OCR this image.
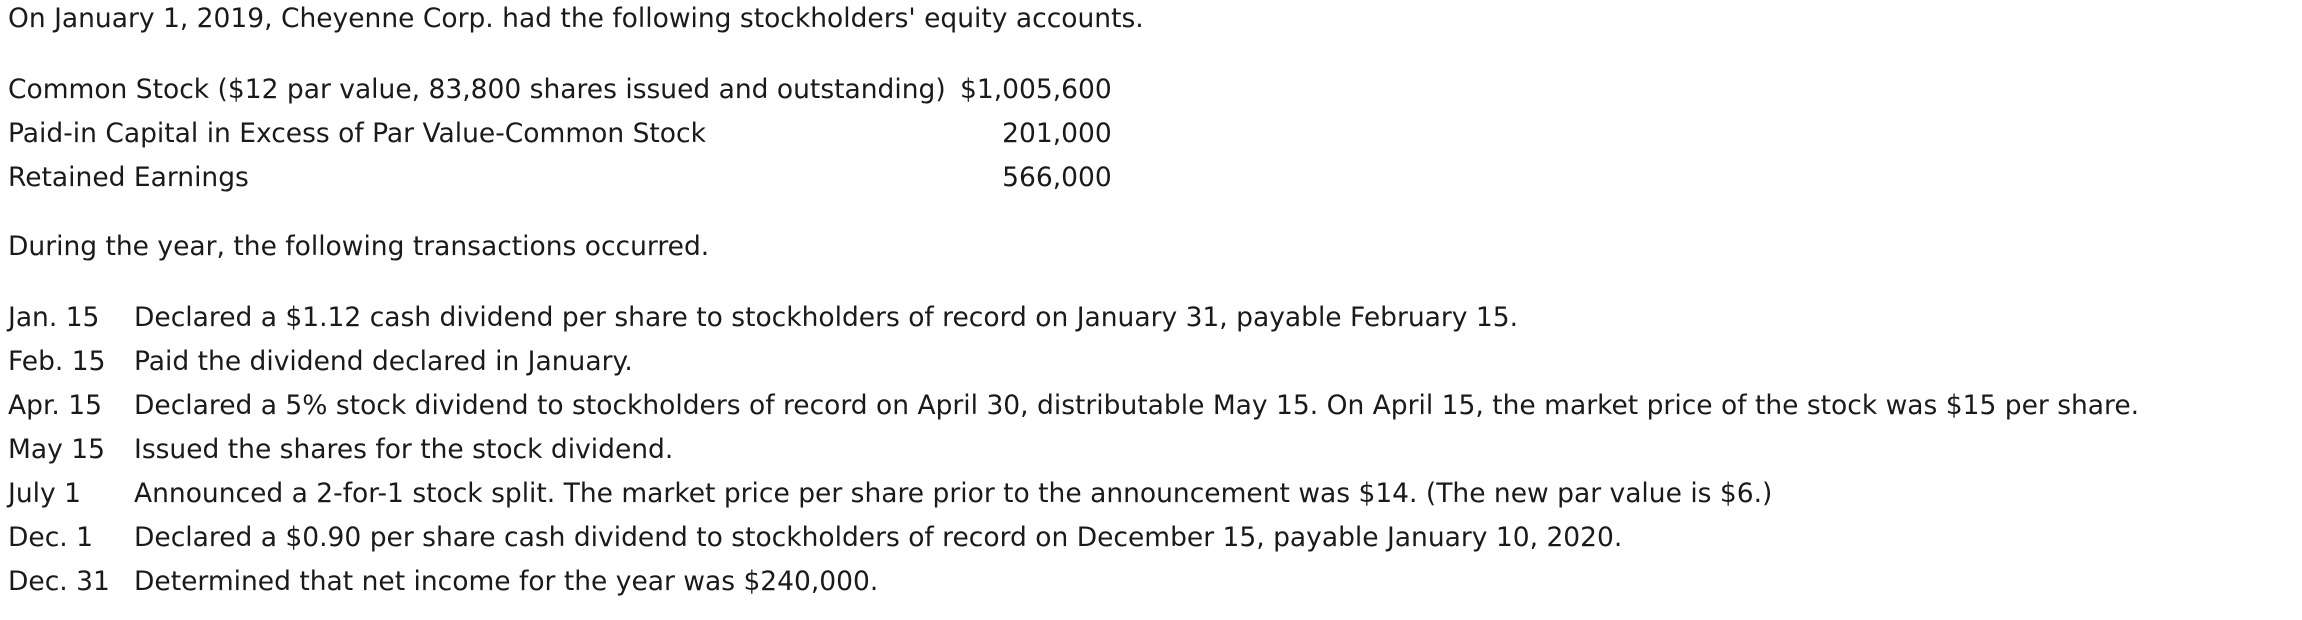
On January 1, 2019, Cheyenne Corp. had the following stockholders' equity accounts.
Common Stock ($12 par value, 83,800 shares issued and outstanding)	$1,005,600
Paid-in Capital in Excess of Par Value-Common Stock	201,000
Retained Earnings	566,000
During the year, the following transactions occurred.
Jan. 15	Declared a $1.12 cash dividend per share to stockholders of record on January 31, payable February 15.
Feb. 15	Paid the dividend declared in January.
Apr. 15	Declared a 5% stock dividend to stockholders of record on April 30, distributable May 15. On April 15, the market price of the stock was $15 per share.
May 15	Issued the shares for the stock dividend.
July 1	Announced a 2-for-1 stock split. The market price per share prior to the announcement was $14. (The new par value is $6.)
Dec. 1	Declared a $0.90 per share cash dividend to stockholders of record on December 15, payable January 10, 2020.
Dec. 31	Determined that net income for the year was $240,000.
